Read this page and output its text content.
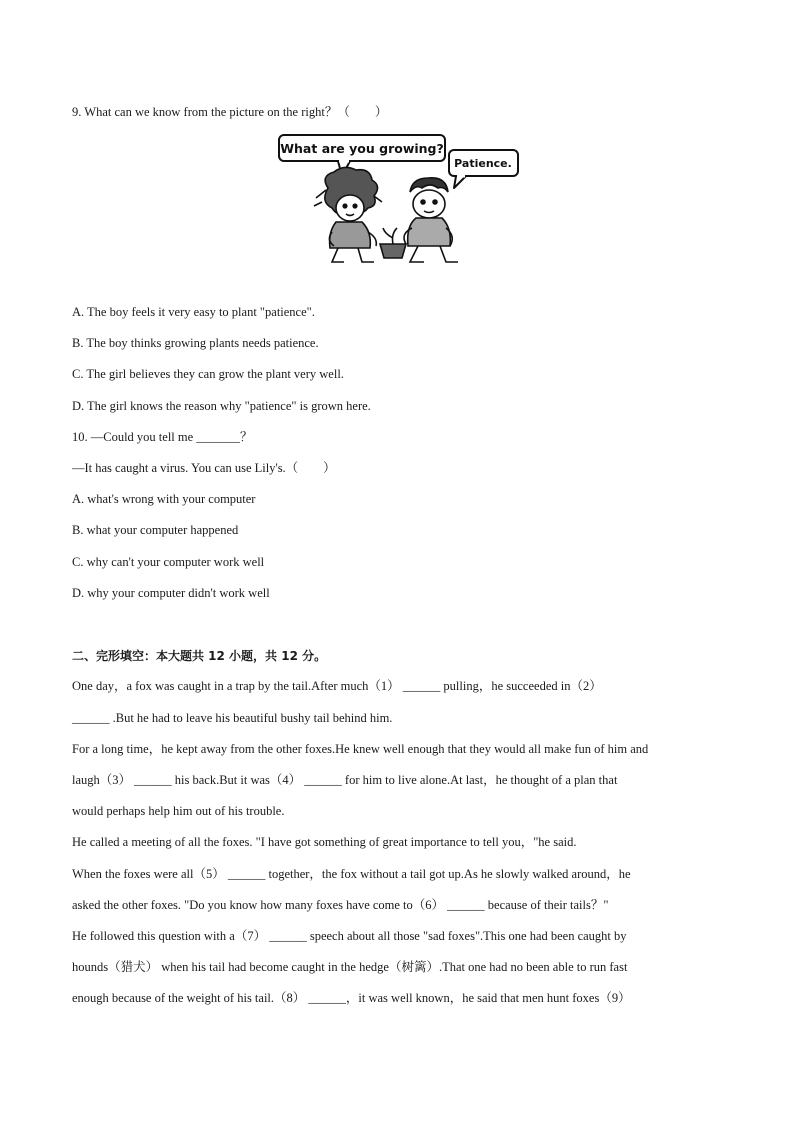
9. What can we know from the picture on the right？（　　）
What are you growing?
Patience.
A. The boy feels it very easy to plant "patience".
B. The boy thinks growing plants needs patience.
C. The girl believes they can grow the plant very well.
D. The girl knows the reason why "patience" is grown here.
10. —Could you tell me _______？
—It has caught a virus. You can use Lily's.（　　）
A. what's wrong with your computer
B. what your computer happened
C. why can't your computer work well
D. why your computer didn't work well
二、完形填空：本大题共 12 小题，共 12 分。
One day，a fox was caught in a trap by the tail.After much（1） ______ pulling，he succeeded in（2）
______ .But he had to leave his beautiful bushy tail behind him.
For a long time，he kept away from the other foxes.He knew well enough that they would all make fun of him and
laugh（3） ______ his back.But it was（4） ______ for him to live alone.At last，he thought of a plan that
would perhaps help him out of his trouble.
He called a meeting of all the foxes. "I have got something of great importance to tell you，"he said.
When the foxes were all（5） ______ together，the fox without a tail got up.As he slowly walked around，he
asked the other foxes. "Do you know how many foxes have come to（6） ______ because of their tails？"
He followed this question with a（7） ______ speech about all those "sad foxes".This one had been caught by
hounds（猎犬） when his tail had become caught in the hedge（树篱）.That one had no been able to run fast
enough because of the weight of his tail.（8） ______，it was well known，he said that men hunt foxes（9）
